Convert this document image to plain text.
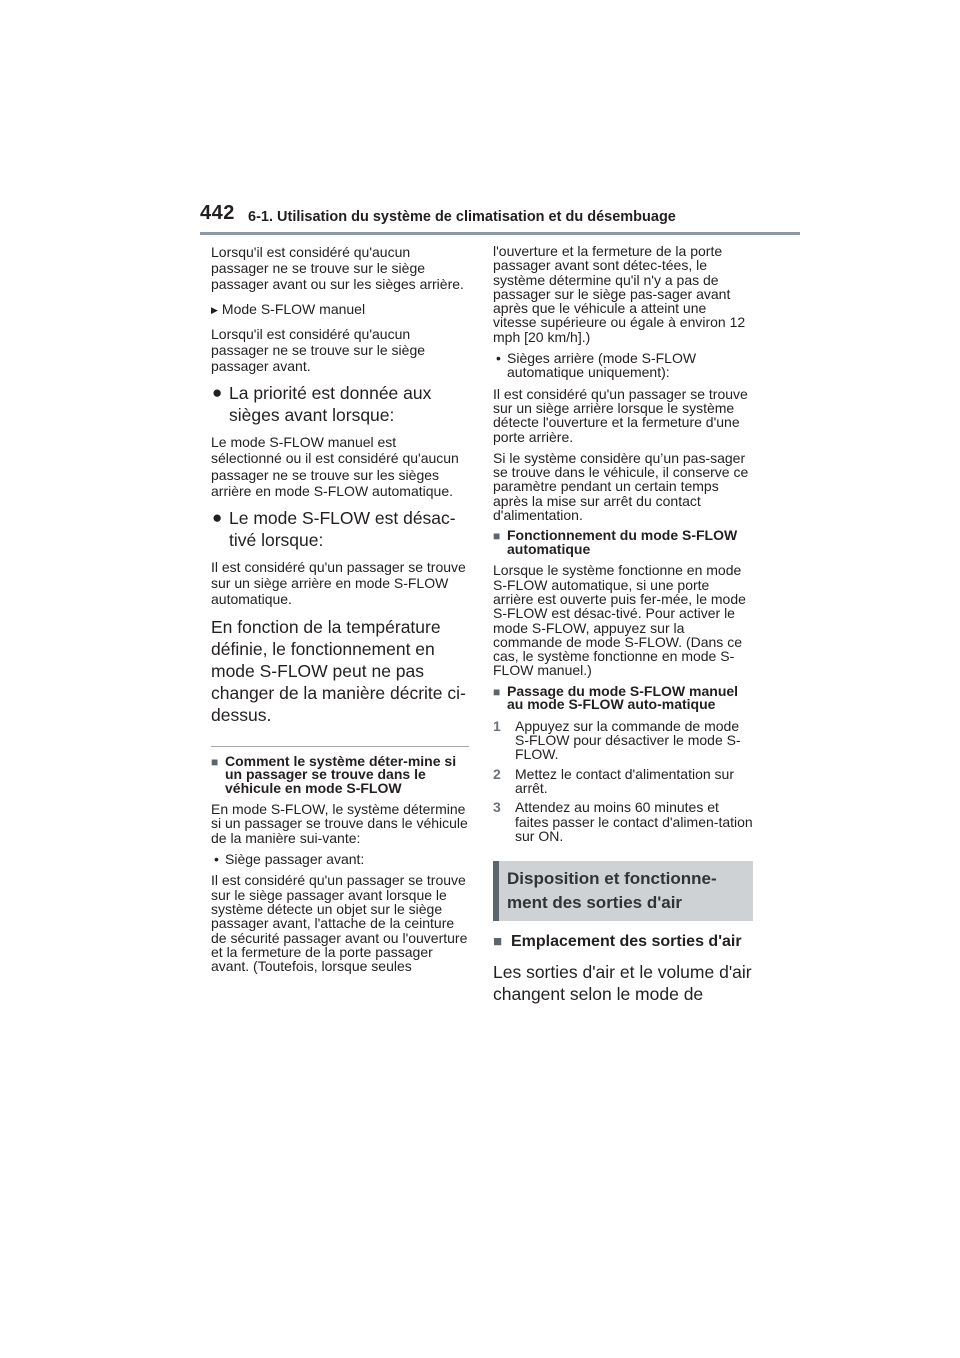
442 6-1. Utilisation du système de climatisation et du désembuage

Lorsqu'il est considéré qu'aucun passager ne se trouve sur le siège passager avant ou sur les sièges arrière.

▶ Mode S-FLOW manuel

Lorsqu'il est considéré qu'aucun passager ne se trouve sur le siège passager avant.

● La priorité est donnée aux sièges avant lorsque:

Le mode S-FLOW manuel est sélectionné ou il est considéré qu'aucun passager ne se trouve sur les sièges arrière en mode S-FLOW automatique.

● Le mode S-FLOW est désac-tivé lorsque:

Il est considéré qu'un passager se trouve sur un siège arrière en mode S-FLOW automatique.

En fonction de la température définie, le fonctionnement en mode S-FLOW peut ne pas changer de la manière décrite ci-dessus.

■ Comment le système déter-mine si un passager se trouve dans le véhicule en mode S-FLOW

En mode S-FLOW, le système détermine si un passager se trouve dans le véhicule de la manière sui-vante:

• Siège passager avant:

Il est considéré qu'un passager se trouve sur le siège passager avant lorsque le système détecte un objet sur le siège passager avant, l'attache de la ceinture de sécurité passager avant ou l'ouverture et la fermeture de la porte passager avant. (Toutefois, lorsque seules

l'ouverture et la fermeture de la porte passager avant sont détec-tées, le système détermine qu'il n'y a pas de passager sur le siège pas-sager avant après que le véhicule a atteint une vitesse supérieure ou égale à environ 12 mph [20 km/h].)

• Sièges arrière (mode S-FLOW automatique uniquement):

Il est considéré qu'un passager se trouve sur un siège arrière lorsque le système détecte l'ouverture et la fermeture d'une porte arrière.

Si le système considère qu’un pas-sager se trouve dans le véhicule, il conserve ce paramètre pendant un certain temps après la mise sur arrêt du contact d'alimentation.

■ Fonctionnement du mode S-FLOW automatique

Lorsque le système fonctionne en mode S-FLOW automatique, si une porte arrière est ouverte puis fer-mée, le mode S-FLOW est désac-tivé. Pour activer le mode S-FLOW, appuyez sur la commande de mode S-FLOW. (Dans ce cas, le système fonctionne en mode S-FLOW manuel.)

■ Passage du mode S-FLOW manuel au mode S-FLOW auto-matique
1 Appuyez sur la commande de mode S-FLOW pour désactiver le mode S-FLOW.
2 Mettez le contact d'alimentation sur arrêt.
3 Attendez au moins 60 minutes et faites passer le contact d'alimen-tation sur ON.
Disposition et fonctionne-
ment des sorties d'air
■ Emplacement des sorties d'air

Les sorties d'air et le volume d'air changent selon le mode de
